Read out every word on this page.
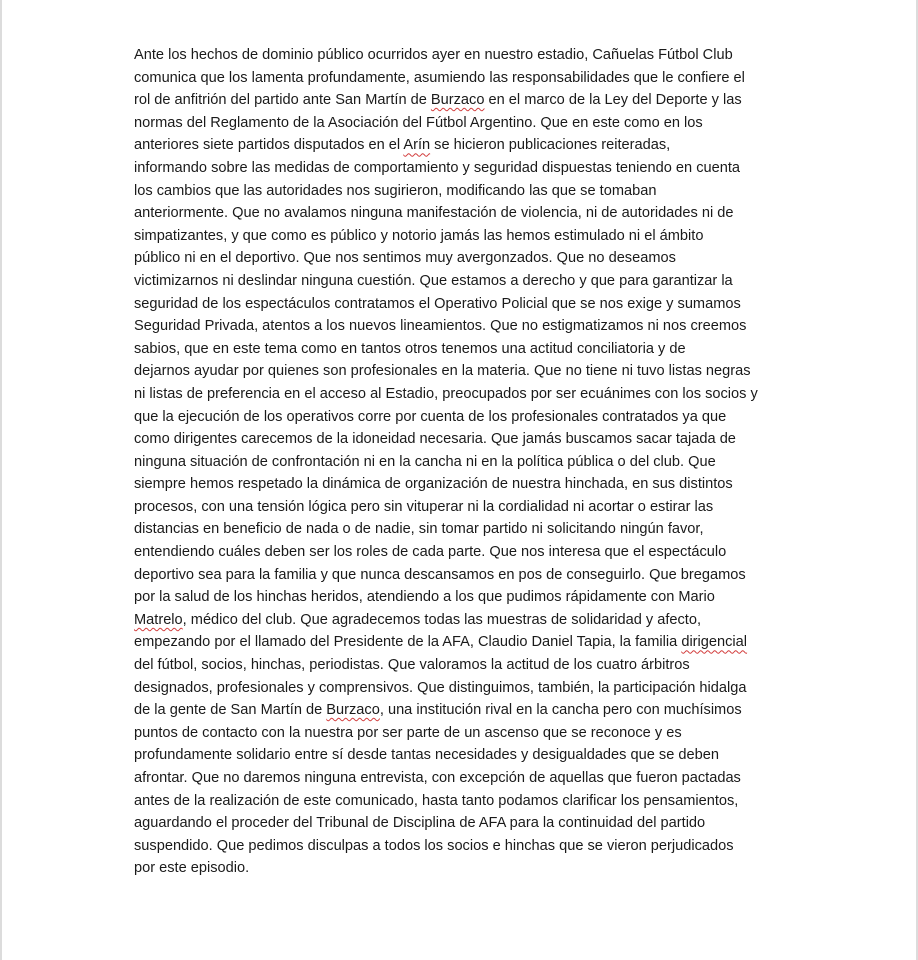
Ante los hechos de dominio público ocurridos ayer en nuestro estadio, Cañuelas Fútbol Club
comunica que los lamenta profundamente, asumiendo las responsabilidades que le confiere el
rol de anfitrión del partido ante San Martín de Burzaco en el marco de la Ley del Deporte y las
normas del Reglamento de la Asociación del Fútbol Argentino. Que en este como en los
anteriores siete partidos disputados en el Arín se hicieron publicaciones reiteradas,
informando sobre las medidas de comportamiento y seguridad dispuestas teniendo en cuenta
los cambios que las autoridades nos sugirieron, modificando las que se tomaban
anteriormente. Que no avalamos ninguna manifestación de violencia, ni de autoridades ni de
simpatizantes, y que como es público y notorio jamás las hemos estimulado ni el ámbito
público ni en el deportivo. Que nos sentimos muy avergonzados. Que no deseamos
victimizarnos ni deslindar ninguna cuestión. Que estamos a derecho y que para garantizar la
seguridad de los espectáculos contratamos el Operativo Policial que se nos exige y sumamos
Seguridad Privada, atentos a los nuevos lineamientos. Que no estigmatizamos ni nos creemos
sabios, que en este tema como en tantos otros tenemos una actitud conciliatoria y de
dejarnos ayudar por quienes son profesionales en la materia. Que no tiene ni tuvo listas negras
ni listas de preferencia en el acceso al Estadio, preocupados por ser ecuánimes con los socios y
que la ejecución de los operativos corre por cuenta de los profesionales contratados ya que
como dirigentes carecemos de la idoneidad necesaria. Que jamás buscamos sacar tajada de
ninguna situación de confrontación ni en la cancha ni en la política pública o del club. Que
siempre hemos respetado la dinámica de organización de nuestra hinchada, en sus distintos
procesos, con una tensión lógica pero sin vituperar ni la cordialidad ni acortar o estirar las
distancias en beneficio de nada o de nadie, sin tomar partido ni solicitando ningún favor,
entendiendo cuáles deben ser los roles de cada parte. Que nos interesa que el espectáculo
deportivo sea para la familia y que nunca descansamos en pos de conseguirlo. Que bregamos
por la salud de los hinchas heridos, atendiendo a los que pudimos rápidamente con Mario
Matrelo, médico del club. Que agradecemos todas las muestras de solidaridad y afecto,
empezando por el llamado del Presidente de la AFA, Claudio Daniel Tapia, la familia dirigencial
del fútbol, socios, hinchas, periodistas. Que valoramos la actitud de los cuatro árbitros
designados, profesionales y comprensivos. Que distinguimos, también, la participación hidalga
de la gente de San Martín de Burzaco, una institución rival en la cancha pero con muchísimos
puntos de contacto con la nuestra por ser parte de un ascenso que se reconoce y es
profundamente solidario entre sí desde tantas necesidades y desigualdades que se deben
afrontar. Que no daremos ninguna entrevista, con excepción de aquellas que fueron pactadas
antes de la realización de este comunicado, hasta tanto podamos clarificar los pensamientos,
aguardando el proceder del Tribunal de Disciplina de AFA para la continuidad del partido
suspendido. Que pedimos disculpas a todos los socios e hinchas que se vieron perjudicados
por este episodio.
